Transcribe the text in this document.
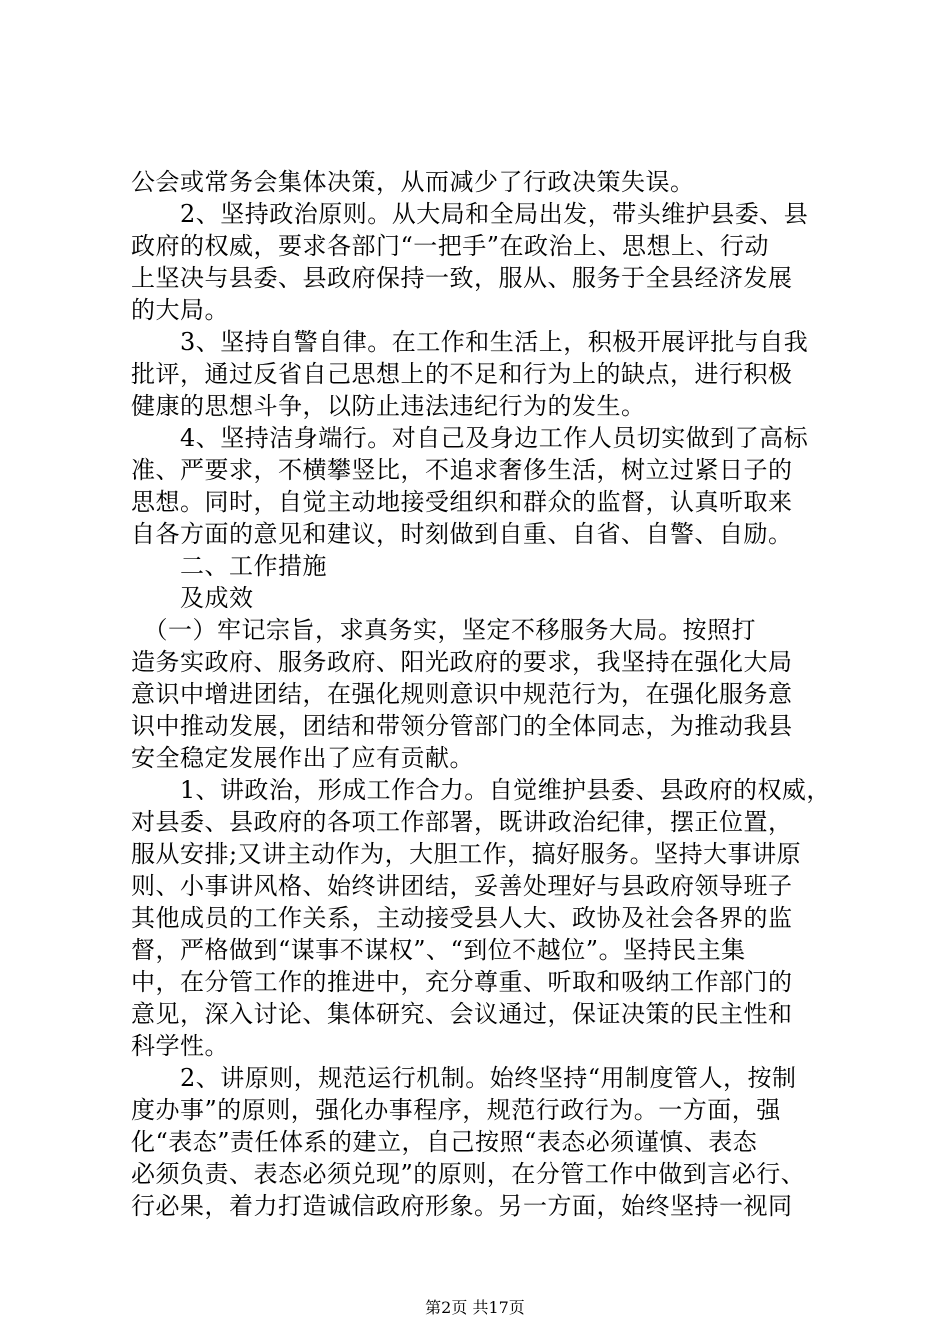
公会或常务会集体决策，从而减少了行政决策失误。
　　2、坚持政治原则。从大局和全局出发，带头维护县委、县
政府的权威，要求各部门“一把手”在政治上、思想上、行动
上坚决与县委、县政府保持一致，服从、服务于全县经济发展
的大局。
　　3、坚持自警自律。在工作和生活上，积极开展评批与自我
批评，通过反省自己思想上的不足和行为上的缺点，进行积极
健康的思想斗争，以防止违法违纪行为的发生。
　　4、坚持洁身端行。对自己及身边工作人员切实做到了高标
准、严要求，不横攀竖比，不追求奢侈生活，树立过紧日子的
思想。同时，自觉主动地接受组织和群众的监督，认真听取来
自各方面的意见和建议，时刻做到自重、自省、自警、自励。
　　二、工作措施
　　及成效
　（一）牢记宗旨，求真务实，坚定不移服务大局。按照打
造务实政府、服务政府、阳光政府的要求，我坚持在强化大局
意识中增进团结，在强化规则意识中规范行为，在强化服务意
识中推动发展，团结和带领分管部门的全体同志，为推动我县
安全稳定发展作出了应有贡献。
　　1、讲政治，形成工作合力。自觉维护县委、县政府的权威，
对县委、县政府的各项工作部署，既讲政治纪律，摆正位置，
服从安排;又讲主动作为，大胆工作，搞好服务。坚持大事讲原
则、小事讲风格、始终讲团结，妥善处理好与县政府领导班子
其他成员的工作关系，主动接受县人大、政协及社会各界的监
督，严格做到“谋事不谋权”、“到位不越位”。坚持民主集
中，在分管工作的推进中，充分尊重、听取和吸纳工作部门的
意见，深入讨论、集体研究、会议通过，保证决策的民主性和
科学性。
　　2、讲原则，规范运行机制。始终坚持“用制度管人，按制
度办事”的原则，强化办事程序，规范行政行为。一方面，强
化“表态”责任体系的建立，自己按照“表态必须谨慎、表态
必须负责、表态必须兑现”的原则，在分管工作中做到言必行、
行必果，着力打造诚信政府形象。另一方面，始终坚持一视同
第2页 共17页
